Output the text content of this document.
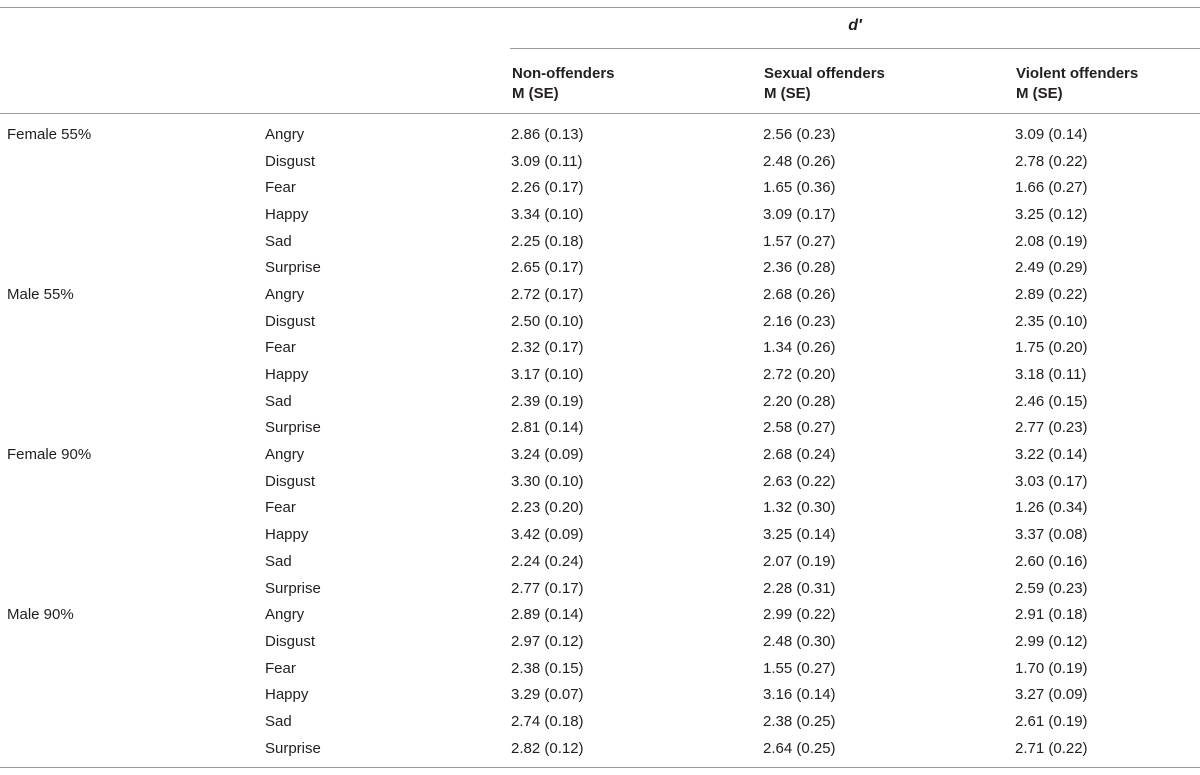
d′
Non-offenders
M (SE)
Sexual offenders
M (SE)
Violent offenders
M (SE)
Female 55%	Angry	2.86 (0.13)	2.56 (0.23)	3.09 (0.14)
	Disgust	3.09 (0.11)	2.48 (0.26)	2.78 (0.22)
	Fear	2.26 (0.17)	1.65 (0.36)	1.66 (0.27)
	Happy	3.34 (0.10)	3.09 (0.17)	3.25 (0.12)
	Sad	2.25 (0.18)	1.57 (0.27)	2.08 (0.19)
	Surprise	2.65 (0.17)	2.36 (0.28)	2.49 (0.29)
Male 55%	Angry	2.72 (0.17)	2.68 (0.26)	2.89 (0.22)
	Disgust	2.50 (0.10)	2.16 (0.23)	2.35 (0.10)
	Fear	2.32 (0.17)	1.34 (0.26)	1.75 (0.20)
	Happy	3.17 (0.10)	2.72 (0.20)	3.18 (0.11)
	Sad	2.39 (0.19)	2.20 (0.28)	2.46 (0.15)
	Surprise	2.81 (0.14)	2.58 (0.27)	2.77 (0.23)
Female 90%	Angry	3.24 (0.09)	2.68 (0.24)	3.22 (0.14)
	Disgust	3.30 (0.10)	2.63 (0.22)	3.03 (0.17)
	Fear	2.23 (0.20)	1.32 (0.30)	1.26 (0.34)
	Happy	3.42 (0.09)	3.25 (0.14)	3.37 (0.08)
	Sad	2.24 (0.24)	2.07 (0.19)	2.60 (0.16)
	Surprise	2.77 (0.17)	2.28 (0.31)	2.59 (0.23)
Male 90%	Angry	2.89 (0.14)	2.99 (0.22)	2.91 (0.18)
	Disgust	2.97 (0.12)	2.48 (0.30)	2.99 (0.12)
	Fear	2.38 (0.15)	1.55 (0.27)	1.70 (0.19)
	Happy	3.29 (0.07)	3.16 (0.14)	3.27 (0.09)
	Sad	2.74 (0.18)	2.38 (0.25)	2.61 (0.19)
	Surprise	2.82 (0.12)	2.64 (0.25)	2.71 (0.22)
